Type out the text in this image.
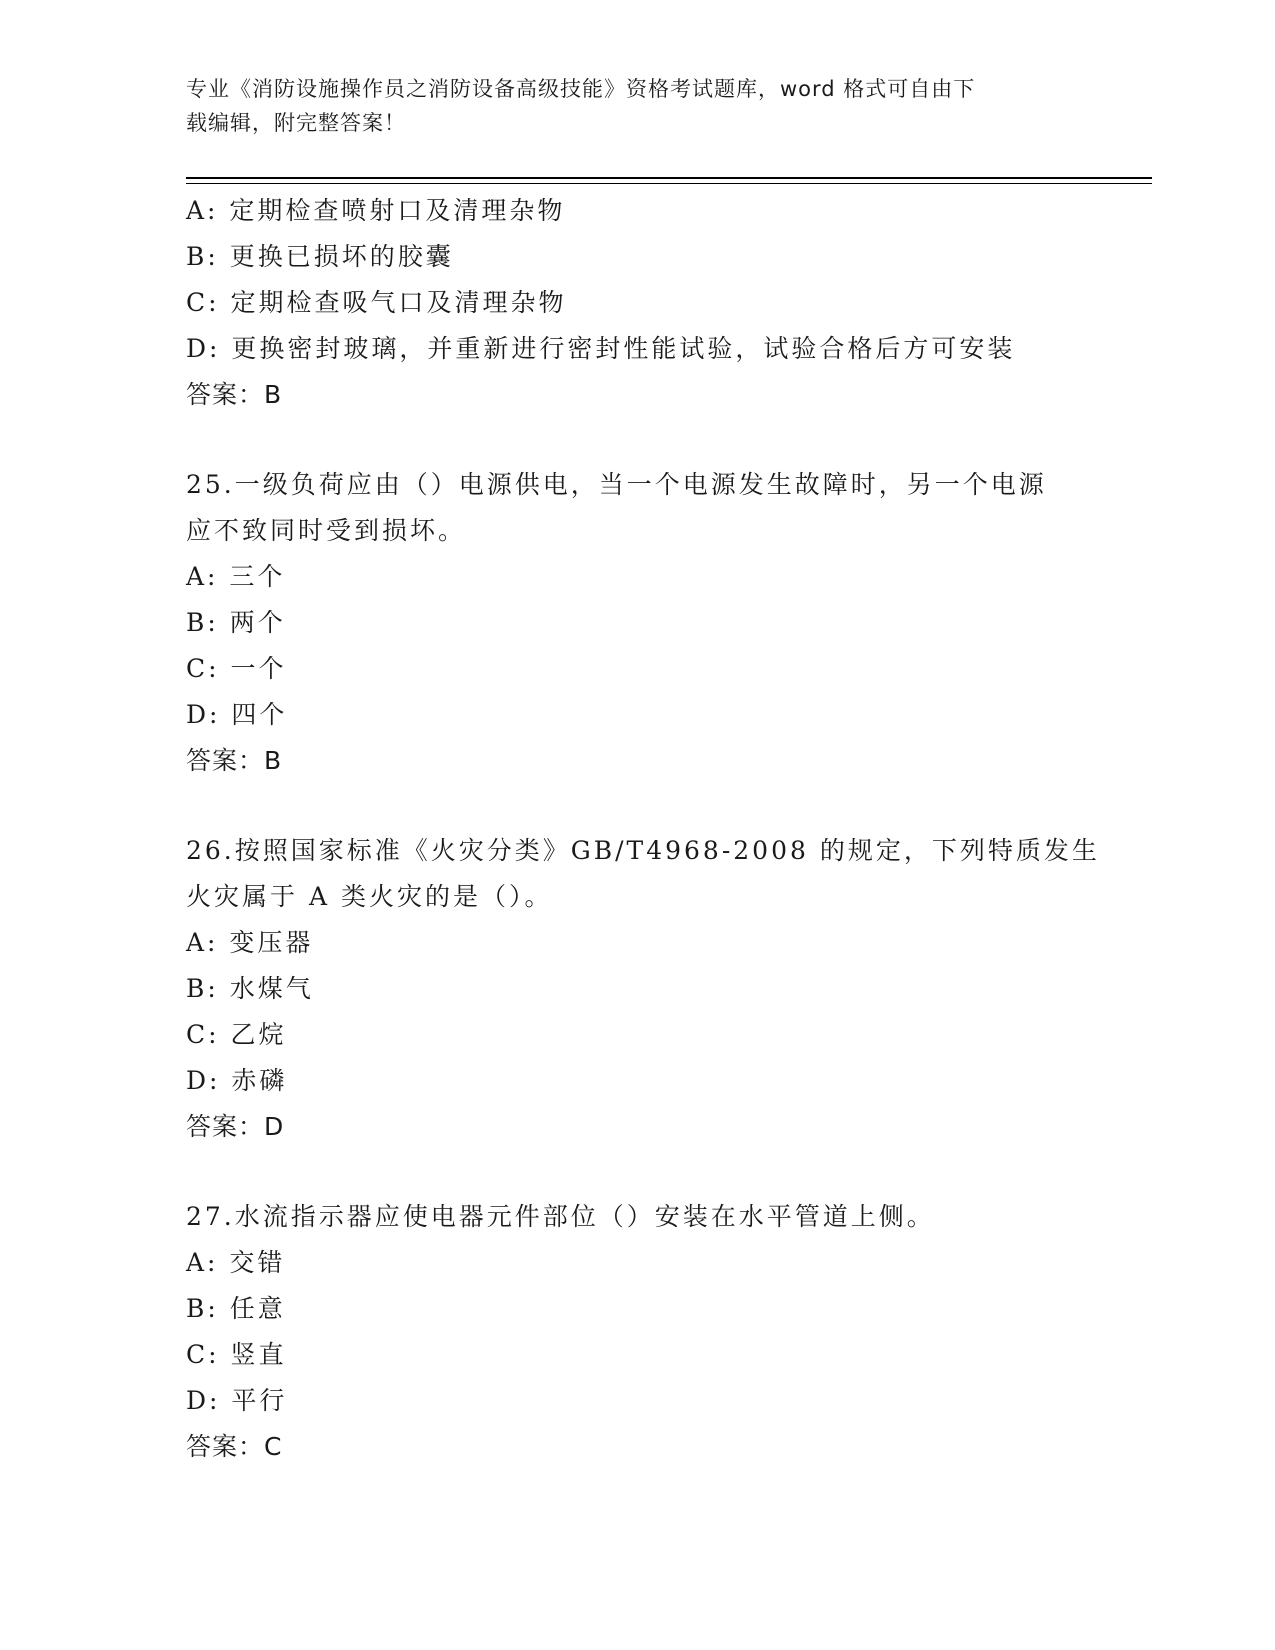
专业《消防设施操作员之消防设备高级技能》资格考试题库，word 格式可自由下
载编辑，附完整答案！
A: 定期检查喷射口及清理杂物
B: 更换已损坏的胶囊
C: 定期检查吸气口及清理杂物
D: 更换密封玻璃，并重新进行密封性能试验，试验合格后方可安装
答案：B
25.一级负荷应由（）电源供电，当一个电源发生故障时，另一个电源
应不致同时受到损坏。
A: 三个
B: 两个
C: 一个
D: 四个
答案：B
26.按照国家标准《火灾分类》GB/T4968-2008 的规定，下列特质发生
火灾属于 A 类火灾的是（）。
A: 变压器
B: 水煤气
C: 乙烷
D: 赤磷
答案：D
27.水流指示器应使电器元件部位（）安装在水平管道上侧。
A: 交错
B: 任意
C: 竖直
D: 平行
答案：C
